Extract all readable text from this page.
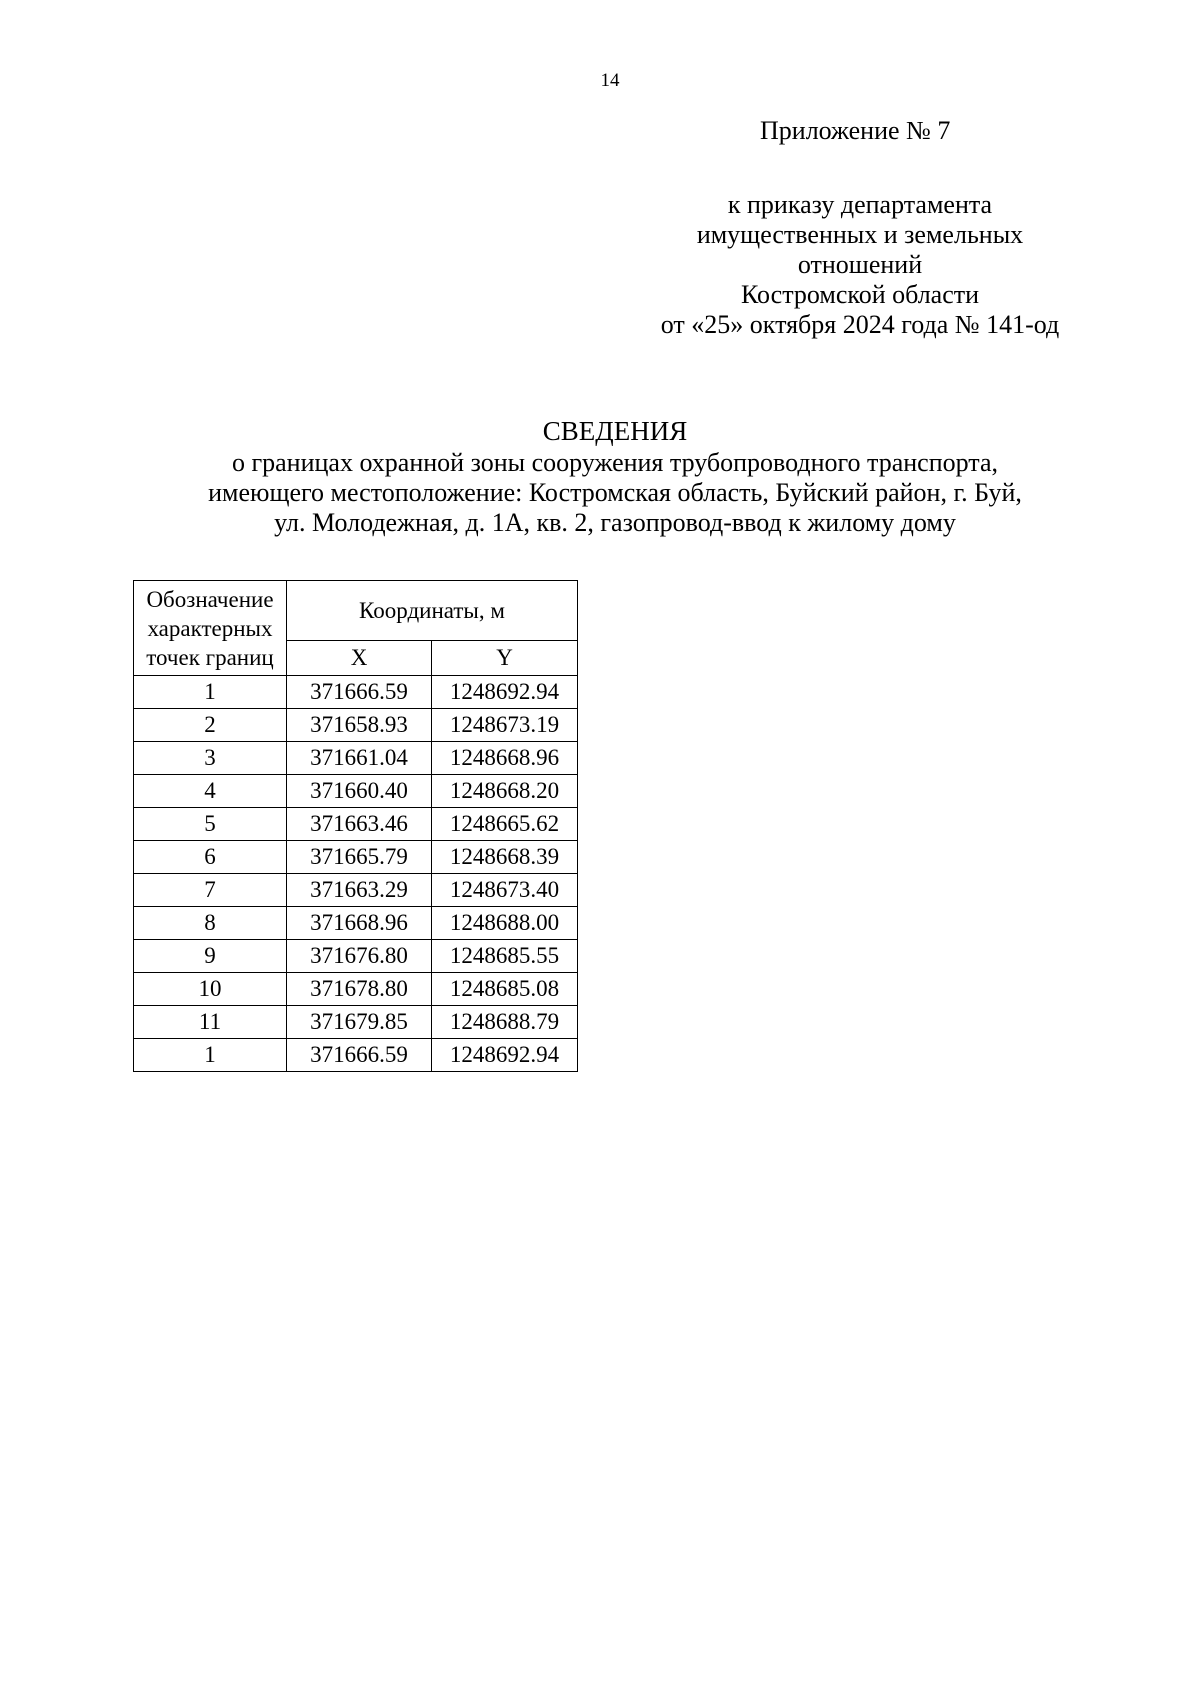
14
Приложение № 7
к приказу департамента
имущественных и земельных
отношений
Костромской области
от «25» октября 2024 года № 141-од
СВЕДЕНИЯ
о границах охранной зоны сооружения трубопроводного транспорта,
имеющего местоположение: Костромская область, Буйский район, г. Буй,
ул. Молодежная, д. 1А, кв. 2, газопровод-ввод к жилому дому
Обозначение
характерных
точек границ	Координаты, м	
	X	Y
1	371666.59	1248692.94
2	371658.93	1248673.19
3	371661.04	1248668.96
4	371660.40	1248668.20
5	371663.46	1248665.62
6	371665.79	1248668.39
7	371663.29	1248673.40
8	371668.96	1248688.00
9	371676.80	1248685.55
10	371678.80	1248685.08
11	371679.85	1248688.79
1	371666.59	1248692.94
